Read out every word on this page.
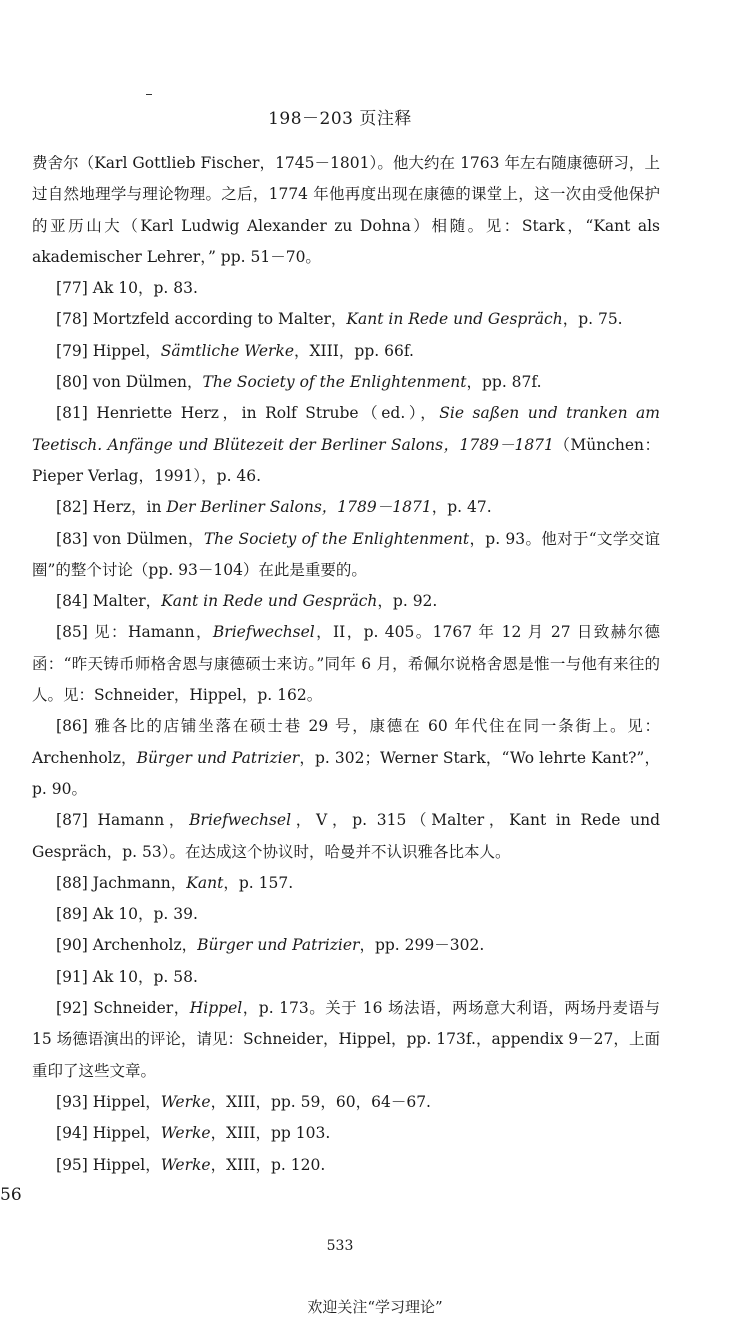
198－203 页注释

费舍尔（Karl Gottlieb Fischer，1745－1801）。他大约在 1763 年左右随康德研习，上过自然地理学与理论物理。之后，1774 年他再度出现在康德的课堂上，这一次由受他保护的亚历山大（Karl Ludwig Alexander zu Dohna）相随。见：Stark，“Kant als akademischer Lehrer，” pp. 51－70。

[77] Ak 10，p. 83.

[78] Mortzfeld according to Malter，Kant in Rede und Gespräch，p. 75.

[79] Hippel，Sämtliche Werke，XIII，pp. 66f.

[80] von Dülmen，The Society of the Enlightenment，pp. 87f.

[81] Henriette Herz，in Rolf Strube（ed.），Sie saßen und tranken am Teetisch. Anfänge und Blütezeit der Berliner Salons，1789－1871（München：Pieper Verlag，1991），p. 46.

[82] Herz，in Der Berliner Salons，1789－1871，p. 47.

[83] von Dülmen，The Society of the Enlightenment，p. 93。他对于“文学交谊圈”的整个讨论（pp. 93－104）在此是重要的。

[84] Malter，Kant in Rede und Gespräch，p. 92.

[85] 见：Hamann，Briefwechsel，II，p. 405。1767 年 12 月 27 日致赫尔德函：“昨天铸币师格舍恩与康德硕士来访。”同年 6 月，希佩尔说格舍恩是惟一与他有来往的人。见：Schneider，Hippel，p. 162。

[86] 雅各比的店铺坐落在硕士巷 29 号，康德在 60 年代住在同一条街上。见：Archenholz，Bürger und Patrizier，p. 302；Werner Stark，“Wo lehrte Kant?”，p. 90。

[87] Hamann，Briefwechsel，V，p. 315（Malter，Kant in Rede und Gespräch，p. 53）。在达成这个协议时，哈曼并不认识雅各比本人。

[88] Jachmann，Kant，p. 157.

[89] Ak 10，p. 39.

[90] Archenholz，Bürger und Patrizier，pp. 299－302.

[91] Ak 10，p. 58.

[92] Schneider，Hippel，p. 173。关于 16 场法语，两场意大利语，两场丹麦语与 15 场德语演出的评论，请见：Schneider，Hippel，pp. 173f.，appendix 9－27，上面重印了这些文章。

[93] Hippel，Werke，XIII，pp. 59，60，64－67.

[94] Hippel，Werke，XIII，pp 103.

[95] Hippel，Werke，XIII，p. 120.

56
533
欢迎关注“学习理论”
